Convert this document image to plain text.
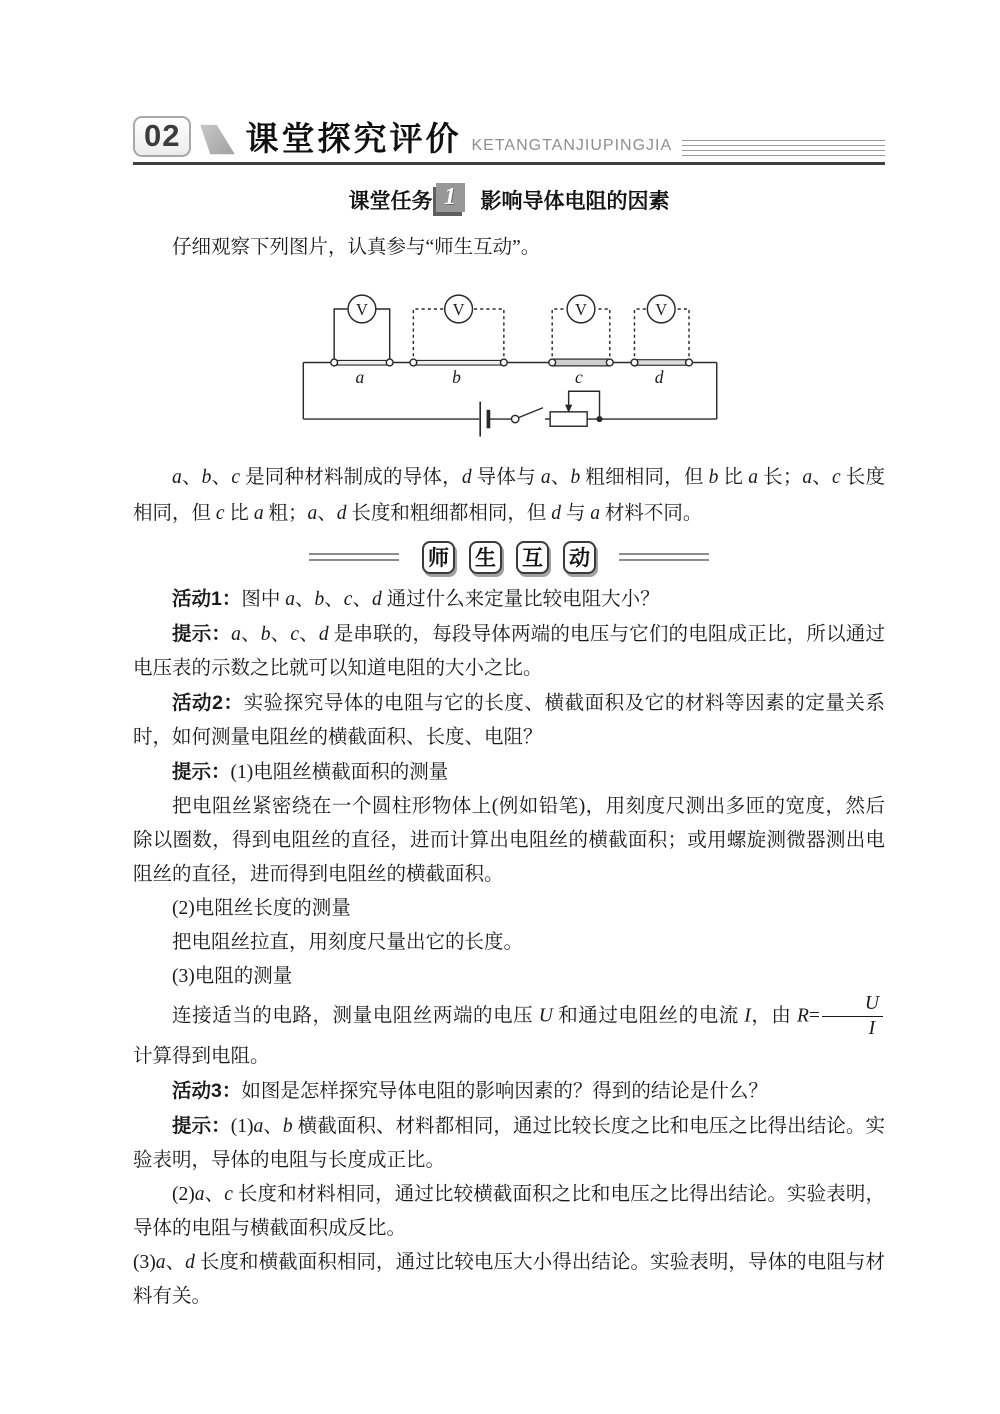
02	课堂探究评价 KETANGTANJIUPINGJIA
课堂任务 1	影响导体电阻的因素

仔细观察下列图片，认真参与“师生互动”。

V	V	V	V
a	b	c	d

a、b、c 是同种材料制成的导体，d 导体与 a、b 粗细相同，但 b 比 a 长；a、c 长度相同，但 c 比 a 粗；a、d 长度和粗细都相同，但 d 与 a 材料不同。

师 生 互 动

活动1：图中 a、b、c、d 通过什么来定量比较电阻大小？

提示：a、b、c、d 是串联的，每段导体两端的电压与它们的电阻成正比，所以通过电压表的示数之比就可以知道电阻的大小之比。

活动2：实验探究导体的电阻与它的长度、横截面积及它的材料等因素的定量关系时，如何测量电阻丝的横截面积、长度、电阻？

提示：(1)电阻丝横截面积的测量

把电阻丝紧密绕在一个圆柱形物体上(例如铅笔)，用刻度尺测出多匝的宽度，然后除以圈数，得到电阻丝的直径，进而计算出电阻丝的横截面积；或用螺旋测微器测出电阻丝的直径，进而得到电阻丝的横截面积。

(2)电阻丝长度的测量

把电阻丝拉直，用刻度尺量出它的长度。

(3)电阻的测量

连接适当的电路，测量电阻丝两端的电压 U 和通过电阻丝的电流 I，由 $R= \frac{U}{I}$
计算得到电阻。

活动3：如图是怎样探究导体电阻的影响因素的？得到的结论是什么？

提示：(1)a、b 横截面积、材料都相同，通过比较长度之比和电压之比得出结论。实验表明，导体的电阻与长度成正比。

(2)a、c 长度和材料相同，通过比较横截面积之比和电压之比得出结论。实验表明，导体的电阻与横截面积成反比。

(3)a、d 长度和横截面积相同，通过比较电压大小得出结论。实验表明，导体的电阻与材料有关。
